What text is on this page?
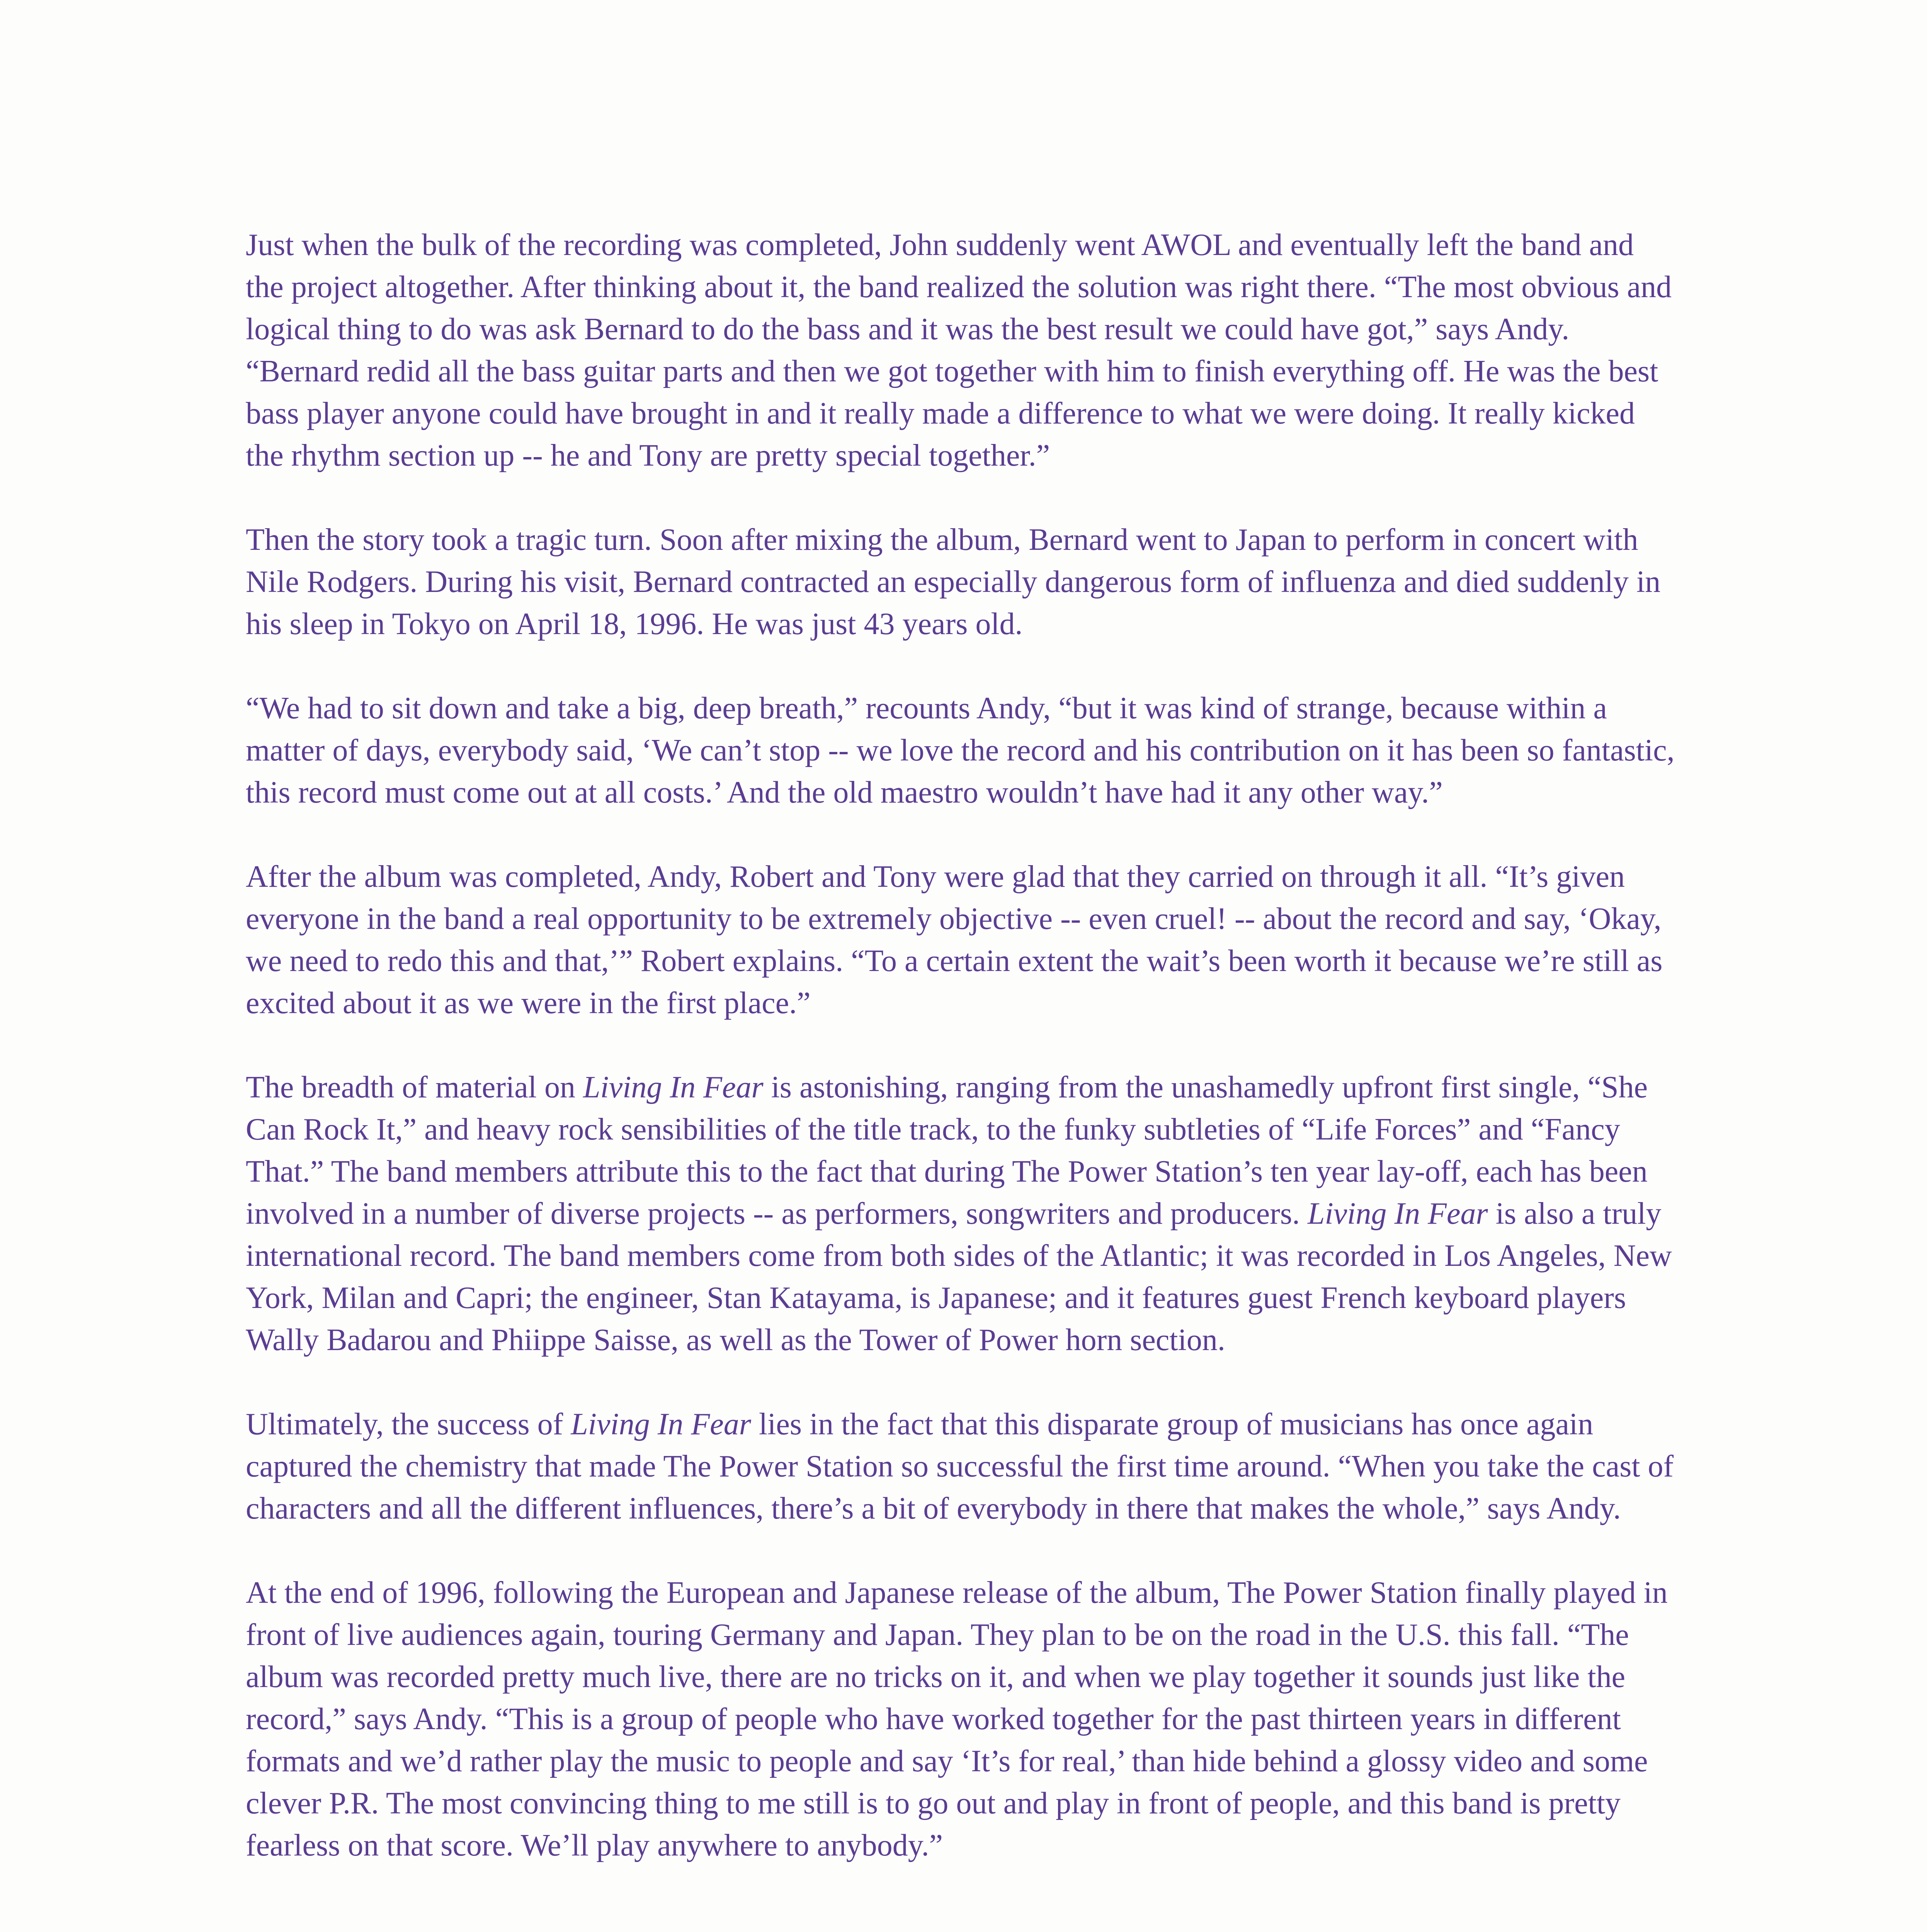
Just when the bulk of the recording was completed, John suddenly went AWOL and eventually left the band and the project altogether. After thinking about it, the band realized the solution was right there. “The most obvious and logical thing to do was ask Bernard to do the bass and it was the best result we could have got,” says Andy. “Bernard redid all the bass guitar parts and then we got together with him to finish everything off. He was the best bass player anyone could have brought in and it really made a difference to what we were doing. It really kicked the rhythm section up -- he and Tony are pretty special together.”

Then the story took a tragic turn. Soon after mixing the album, Bernard went to Japan to perform in concert with Nile Rodgers. During his visit, Bernard contracted an especially dangerous form of influenza and died suddenly in his sleep in Tokyo on April 18, 1996. He was just 43 years old.

“We had to sit down and take a big, deep breath,” recounts Andy, “but it was kind of strange, because within a matter of days, everybody said, ‘We can’t stop -- we love the record and his contribution on it has been so fantastic, this record must come out at all costs.’ And the old maestro wouldn’t have had it any other way.”

After the album was completed, Andy, Robert and Tony were glad that they carried on through it all. “It’s given everyone in the band a real opportunity to be extremely objective -- even cruel! -- about the record and say, ‘Okay, we need to redo this and that,’” Robert explains. “To a certain extent the wait’s been worth it because we’re still as excited about it as we were in the first place.”

The breadth of material on Living In Fear is astonishing, ranging from the unashamedly upfront first single, “She Can Rock It,” and heavy rock sensibilities of the title track, to the funky subtleties of “Life Forces” and “Fancy That.” The band members attribute this to the fact that during The Power Station’s ten year lay-off, each has been involved in a number of diverse projects -- as performers, songwriters and producers. Living In Fear is also a truly international record. The band members come from both sides of the Atlantic; it was recorded in Los Angeles, New York, Milan and Capri; the engineer, Stan Katayama, is Japanese; and it features guest French keyboard players Wally Badarou and Phiippe Saisse, as well as the Tower of Power horn section.

Ultimately, the success of Living In Fear lies in the fact that this disparate group of musicians has once again captured the chemistry that made The Power Station so successful the first time around. “When you take the cast of characters and all the different influences, there’s a bit of everybody in there that makes the whole,” says Andy.

At the end of 1996, following the European and Japanese release of the album, The Power Station finally played in front of live audiences again, touring Germany and Japan. They plan to be on the road in the U.S. this fall. “The album was recorded pretty much live, there are no tricks on it, and when we play together it sounds just like the record,” says Andy. “This is a group of people who have worked together for the past thirteen years in different formats and we’d rather play the music to people and say ‘It’s for real,’ than hide behind a glossy video and some clever P.R. The most convincing thing to me still is to go out and play in front of people, and this band is pretty fearless on that score. We’ll play anywhere to anybody.”
